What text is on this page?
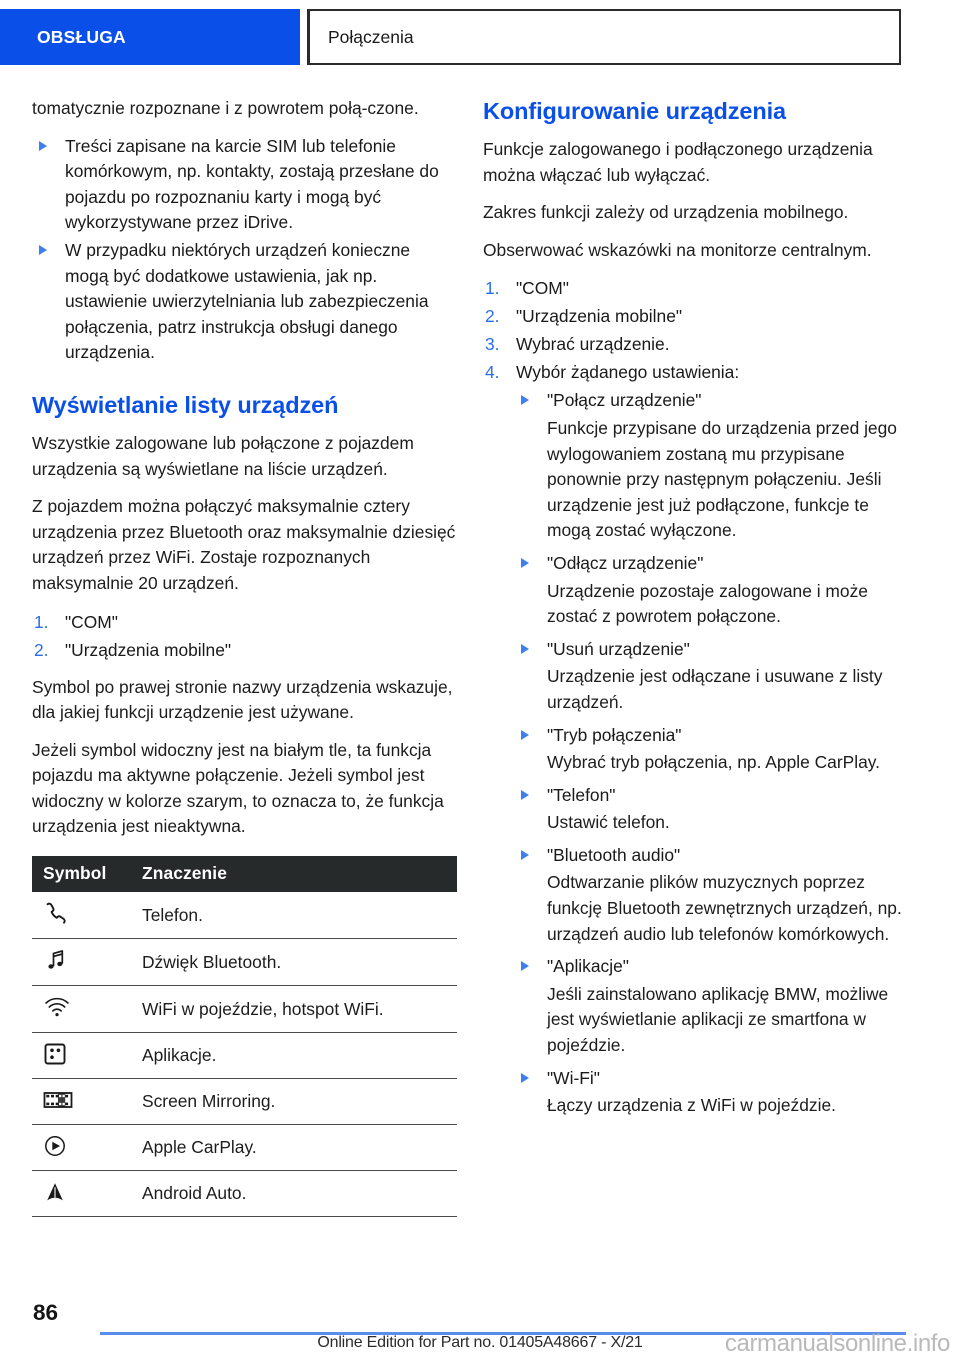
OBSŁUGA	Połączenia

tomatycznie rozpoznane i z powrotem połą-czone.

Treści zapisane na karcie SIM lub telefonie komórkowym, np. kontakty, zostają przesłane do pojazdu po rozpoznaniu karty i mogą być wykorzystywane przez iDrive.
W przypadku niektórych urządzeń konieczne mogą być dodatkowe ustawienia, jak np. ustawienie uwierzytelniania lub zabezpieczenia połączenia, patrz instrukcja obsługi danego urządzenia.
Wyświetlanie listy urządzeń

Wszystkie zalogowane lub połączone z pojazdem urządzenia są wyświetlane na liście urządzeń.

Z pojazdem można połączyć maksymalnie cztery urządzenia przez Bluetooth oraz maksymalnie dziesięć urządzeń przez WiFi. Zostaje rozpoznanych maksymalnie 20 urządzeń.

"COM"
"Urządzenia mobilne"

Symbol po prawej stronie nazwy urządzenia wskazuje, dla jakiej funkcji urządzenie jest używane.

Jeżeli symbol widoczny jest na białym tle, ta funkcja pojazdu ma aktywne połączenie. Jeżeli symbol jest widoczny w kolorze szarym, to oznacza to, że funkcja urządzenia jest nieaktywna.

Symbol	Znaczenie

	Telefon.

	Dźwięk Bluetooth.

	WiFi w pojeździe, hotspot WiFi.

	Aplikacje.

	Screen Mirroring.

	Apple CarPlay.

	Android Auto.
Konfigurowanie urządzenia

Funkcje zalogowanego i podłączonego urządzenia można włączać lub wyłączać.

Zakres funkcji zależy od urządzenia mobilnego.

Obserwować wskazówki na monitorze centralnym.

"COM"
"Urządzenia mobilne"
Wybrać urządzenie.
Wybór żądanego ustawienia:
"Połącz urządzenie"
Funkcje przypisane do urządzenia przed jego wylogowaniem zostaną mu przypisane ponownie przy następnym połączeniu. Jeśli urządzenie jest już podłączone, funkcje te mogą zostać wyłączone.
"Odłącz urządzenie"
Urządzenie pozostaje zalogowane i może zostać z powrotem połączone.
"Usuń urządzenie"
Urządzenie jest odłączane i usuwane z listy urządzeń.
"Tryb połączenia"
Wybrać tryb połączenia, np. Apple CarPlay.
"Telefon"
Ustawić telefon.
"Bluetooth audio"
Odtwarzanie plików muzycznych poprzez funkcję Bluetooth zewnętrznych urządzeń, np. urządzeń audio lub telefonów komórkowych.
"Aplikacje"
Jeśli zainstalowano aplikację BMW, możliwe jest wyświetlanie aplikacji ze smartfona w pojeździe.
"Wi-Fi"
Łączy urządzenia z WiFi w pojeździe.
86
Online Edition for Part no. 01405A48667 - X/21	carmanualsonline.info
